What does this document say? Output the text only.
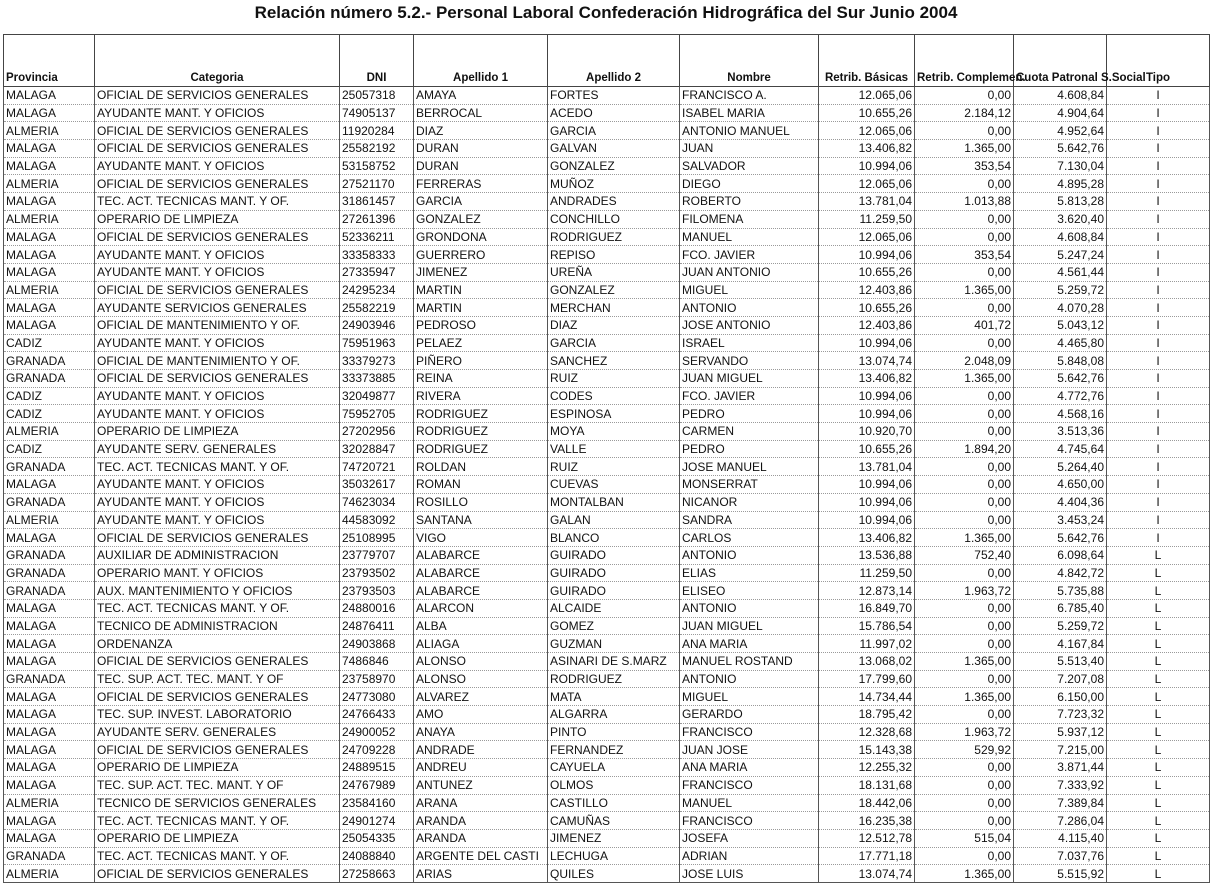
Relación número 5.2.- Personal Laboral Confederación Hidrográfica del Sur Junio 2004
Provincia	Categoria	DNI	Apellido 1	Apellido 2	Nombre	Retrib. Básicas	Retrib. Complemen.	Cuota Patronal S.Social	Tipo
MALAGA	OFICIAL DE SERVICIOS GENERALES	25057318	AMAYA	FORTES	FRANCISCO A.	12.065,06	0,00	4.608,84	I
MALAGA	AYUDANTE MANT. Y OFICIOS	74905137	BERROCAL	ACEDO	ISABEL MARIA	10.655,26	2.184,12	4.904,64	I
ALMERIA	OFICIAL DE SERVICIOS GENERALES	11920284	DIAZ	GARCIA	ANTONIO MANUEL	12.065,06	0,00	4.952,64	I
MALAGA	OFICIAL DE SERVICIOS GENERALES	25582192	DURAN	GALVAN	JUAN	13.406,82	1.365,00	5.642,76	I
MALAGA	AYUDANTE MANT. Y OFICIOS	53158752	DURAN	GONZALEZ	SALVADOR	10.994,06	353,54	7.130,04	I
ALMERIA	OFICIAL DE SERVICIOS GENERALES	27521170	FERRERAS	MUÑOZ	DIEGO	12.065,06	0,00	4.895,28	I
MALAGA	TEC. ACT. TECNICAS MANT. Y OF.	31861457	GARCIA	ANDRADES	ROBERTO	13.781,04	1.013,88	5.813,28	I
ALMERIA	OPERARIO DE LIMPIEZA	27261396	GONZALEZ	CONCHILLO	FILOMENA	11.259,50	0,00	3.620,40	I
MALAGA	OFICIAL DE SERVICIOS GENERALES	52336211	GRONDONA	RODRIGUEZ	MANUEL	12.065,06	0,00	4.608,84	I
MALAGA	AYUDANTE MANT. Y OFICIOS	33358333	GUERRERO	REPISO	FCO. JAVIER	10.994,06	353,54	5.247,24	I
MALAGA	AYUDANTE MANT. Y OFICIOS	27335947	JIMENEZ	UREÑA	JUAN ANTONIO	10.655,26	0,00	4.561,44	I
ALMERIA	OFICIAL DE SERVICIOS GENERALES	24295234	MARTIN	GONZALEZ	MIGUEL	12.403,86	1.365,00	5.259,72	I
MALAGA	AYUDANTE SERVICIOS GENERALES	25582219	MARTIN	MERCHAN	ANTONIO	10.655,26	0,00	4.070,28	I
MALAGA	OFICIAL DE MANTENIMIENTO Y OF.	24903946	PEDROSO	DIAZ	JOSE ANTONIO	12.403,86	401,72	5.043,12	I
CADIZ	AYUDANTE MANT. Y OFICIOS	75951963	PELAEZ	GARCIA	ISRAEL	10.994,06	0,00	4.465,80	I
GRANADA	OFICIAL DE MANTENIMIENTO Y OF.	33379273	PIÑERO	SANCHEZ	SERVANDO	13.074,74	2.048,09	5.848,08	I
GRANADA	OFICIAL DE SERVICIOS GENERALES	33373885	REINA	RUIZ	JUAN MIGUEL	13.406,82	1.365,00	5.642,76	I
CADIZ	AYUDANTE MANT. Y OFICIOS	32049877	RIVERA	CODES	FCO. JAVIER	10.994,06	0,00	4.772,76	I
CADIZ	AYUDANTE MANT. Y OFICIOS	75952705	RODRIGUEZ	ESPINOSA	PEDRO	10.994,06	0,00	4.568,16	I
ALMERIA	OPERARIO DE LIMPIEZA	27202956	RODRIGUEZ	MOYA	CARMEN	10.920,70	0,00	3.513,36	I
CADIZ	AYUDANTE SERV. GENERALES	32028847	RODRIGUEZ	VALLE	PEDRO	10.655,26	1.894,20	4.745,64	I
GRANADA	TEC. ACT. TECNICAS MANT. Y OF.	74720721	ROLDAN	RUIZ	JOSE MANUEL	13.781,04	0,00	5.264,40	I
MALAGA	AYUDANTE MANT. Y OFICIOS	35032617	ROMAN	CUEVAS	MONSERRAT	10.994,06	0,00	4.650,00	I
GRANADA	AYUDANTE MANT. Y OFICIOS	74623034	ROSILLO	MONTALBAN	NICANOR	10.994,06	0,00	4.404,36	I
ALMERIA	AYUDANTE MANT. Y OFICIOS	44583092	SANTANA	GALAN	SANDRA	10.994,06	0,00	3.453,24	I
MALAGA	OFICIAL DE SERVICIOS GENERALES	25108995	VIGO	BLANCO	CARLOS	13.406,82	1.365,00	5.642,76	I
GRANADA	AUXILIAR DE ADMINISTRACION	23779707	ALABARCE	GUIRADO	ANTONIO	13.536,88	752,40	6.098,64	L
GRANADA	OPERARIO MANT. Y OFICIOS	23793502	ALABARCE	GUIRADO	ELIAS	11.259,50	0,00	4.842,72	L
GRANADA	AUX. MANTENIMIENTO Y OFICIOS	23793503	ALABARCE	GUIRADO	ELISEO	12.873,14	1.963,72	5.735,88	L
MALAGA	TEC. ACT. TECNICAS MANT. Y OF.	24880016	ALARCON	ALCAIDE	ANTONIO	16.849,70	0,00	6.785,40	L
MALAGA	TECNICO DE ADMINISTRACION	24876411	ALBA	GOMEZ	JUAN MIGUEL	15.786,54	0,00	5.259,72	L
MALAGA	ORDENANZA	24903868	ALIAGA	GUZMAN	ANA MARIA	11.997,02	0,00	4.167,84	L
MALAGA	OFICIAL DE SERVICIOS GENERALES	7486846	ALONSO	ASINARI DE S.MARZ	MANUEL ROSTAND	13.068,02	1.365,00	5.513,40	L
GRANADA	TEC. SUP. ACT. TEC. MANT. Y OF	23758970	ALONSO	RODRIGUEZ	ANTONIO	17.799,60	0,00	7.207,08	L
MALAGA	OFICIAL DE SERVICIOS GENERALES	24773080	ALVAREZ	MATA	MIGUEL	14.734,44	1.365,00	6.150,00	L
MALAGA	TEC. SUP. INVEST. LABORATORIO	24766433	AMO	ALGARRA	GERARDO	18.795,42	0,00	7.723,32	L
MALAGA	AYUDANTE SERV. GENERALES	24900052	ANAYA	PINTO	FRANCISCO	12.328,68	1.963,72	5.937,12	L
MALAGA	OFICIAL DE SERVICIOS GENERALES	24709228	ANDRADE	FERNANDEZ	JUAN JOSE	15.143,38	529,92	7.215,00	L
MALAGA	OPERARIO DE LIMPIEZA	24889515	ANDREU	CAYUELA	ANA MARIA	12.255,32	0,00	3.871,44	L
MALAGA	TEC. SUP. ACT. TEC. MANT. Y OF	24767989	ANTUNEZ	OLMOS	FRANCISCO	18.131,68	0,00	7.333,92	L
ALMERIA	TECNICO DE SERVICIOS GENERALES	23584160	ARANA	CASTILLO	MANUEL	18.442,06	0,00	7.389,84	L
MALAGA	TEC. ACT. TECNICAS MANT. Y OF.	24901274	ARANDA	CAMUÑAS	FRANCISCO	16.235,38	0,00	7.286,04	L
MALAGA	OPERARIO DE LIMPIEZA	25054335	ARANDA	JIMENEZ	JOSEFA	12.512,78	515,04	4.115,40	L
GRANADA	TEC. ACT. TECNICAS MANT. Y OF.	24088840	ARGENTE DEL CASTI	LECHUGA	ADRIAN	17.771,18	0,00	7.037,76	L
ALMERIA	OFICIAL DE SERVICIOS GENERALES	27258663	ARIAS	QUILES	JOSE LUIS	13.074,74	1.365,00	5.515,92	L
